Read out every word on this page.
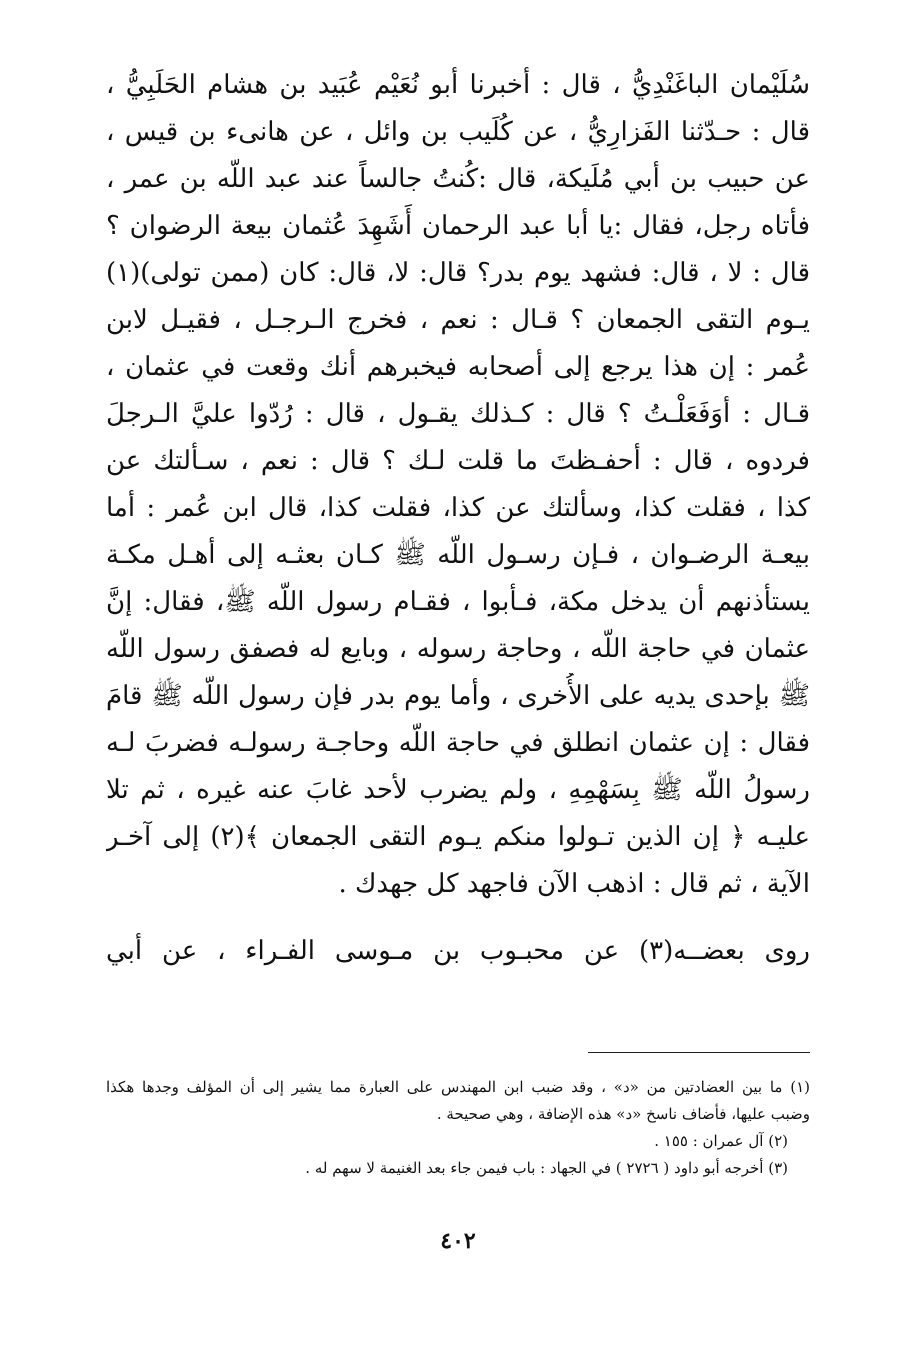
سُلَيْمان الباغَنْدِيُّ ، قال : أخبرنا أبو نُعَيْم عُبَيد بن هشام الحَلَبِيُّ ،
قال : حـدّثنا الفَزارِيُّ ، عن كُلَيب بن وائل ، عن هانىء بن قيس ،
عن حبيب بن أبي مُلَيكة، قال :كُنتُ جالساً عند عبد اللّه بن عمر ،
فأتاه رجل، فقال :يا أبا عبد الرحمان أَشَهِدَ عُثمان بيعة الرضوان ؟
قال : لا ، قال: فشهد يوم بدر؟ قال: لا، قال: كان (ممن تولى)(١)
يـوم التقى الجمعان ؟ قـال : نعم ، فخرج الـرجـل ، فقيـل لابن
عُمر : إن هذا يرجع إلى أصحابه فيخبرهم أنك وقعت في عثمان ،
قـال : أوَفَعَلْـتُ ؟ قال : كـذلك يقـول ، قال : رُدّوا عليَّ الـرجلَ
فردوه ، قال : أحفـظتَ ما قلت لـك ؟ قال : نعم ، سـألتك عن
كذا ، فقلت كذا، وسألتك عن كذا، فقلت كذا، قال ابن عُمر : أما
بيعـة الرضـوان ، فـإن رسـول اللّه ﷺ كـان بعثـه إلى أهـل مكـة
يستأذنهم أن يدخل مكة، فـأبوا ، فقـام رسول اللّه ﷺ، فقال: إنَّ
عثمان في حاجة اللّه ، وحاجة رسوله ، وبايع له فصفق رسول اللّه
ﷺ بإحدى يديه على الأُخرى ، وأما يوم بدر فإن رسول اللّه ﷺ قامَ
فقال : إن عثمان انطلق في حاجة اللّه وحاجـة رسولـه فضربَ لـه
رسولُ اللّه ﷺ بِسَهْمِهِ ، ولم يضرب لأحد غابَ عنه غيره ، ثم تلا
عليـه ﴿ إن الذين تـولوا منكم يـوم التقى الجمعان ﴾(٢) إلى آخـر
الآية ، ثم قال : اذهب الآن فاجهد كل جهدك .
روى بعضــه(٣) عن محبـوب بن مـوسى الفـراء ، عن أبي
(١) ما بين العضادتين من «د» ، وقد ضبب ابن المهندس على العبارة مما يشير إلى أن المؤلف وجدها هكذا
وضبب عليها، فأضاف ناسخ «د» هذه الإضافة ، وهي صحيحة .
(٢) آل عمران : ١٥٥ .
(٣) أخرجه أبو داود ( ٢٧٢٦ ) في الجهاد : باب فيمن جاء بعد الغنيمة لا سهم له .
٤٠٢
